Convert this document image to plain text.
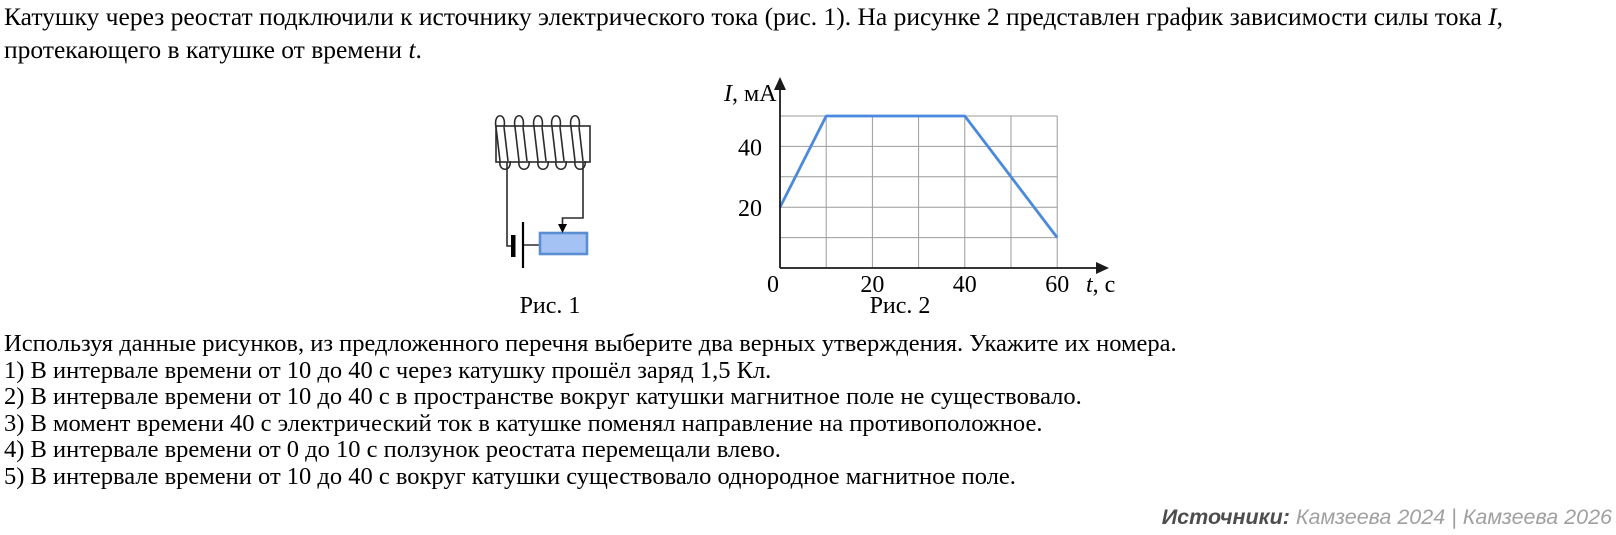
Катушку через реостат подключили к источнику электрического тока (рис. 1). На рисунке 2 представлен график зависимости силы тока I, протекающего в катушке от времени t.

Рис. 1
I, мА
t, с
0	20	40	60
20
40
Рис. 2
Используя данные рисунков, из предложенного перечня выберите два верных утверждения. Укажите их номера.
1) В интервале времени от 10 до 40 с через катушку прошёл заряд 1,5 Кл.
2) В интервале времени от 10 до 40 с в пространстве вокруг катушки магнитное поле не существовало.
3) В момент времени 40 с электрический ток в катушке поменял направление на противоположное.
4) В интервале времени от 0 до 10 с ползунок реостата перемещали влево.
5) В интервале времени от 10 до 40 с вокруг катушки существовало однородное магнитное поле.
Источники: Камзеева 2024 | Камзеева 2026
